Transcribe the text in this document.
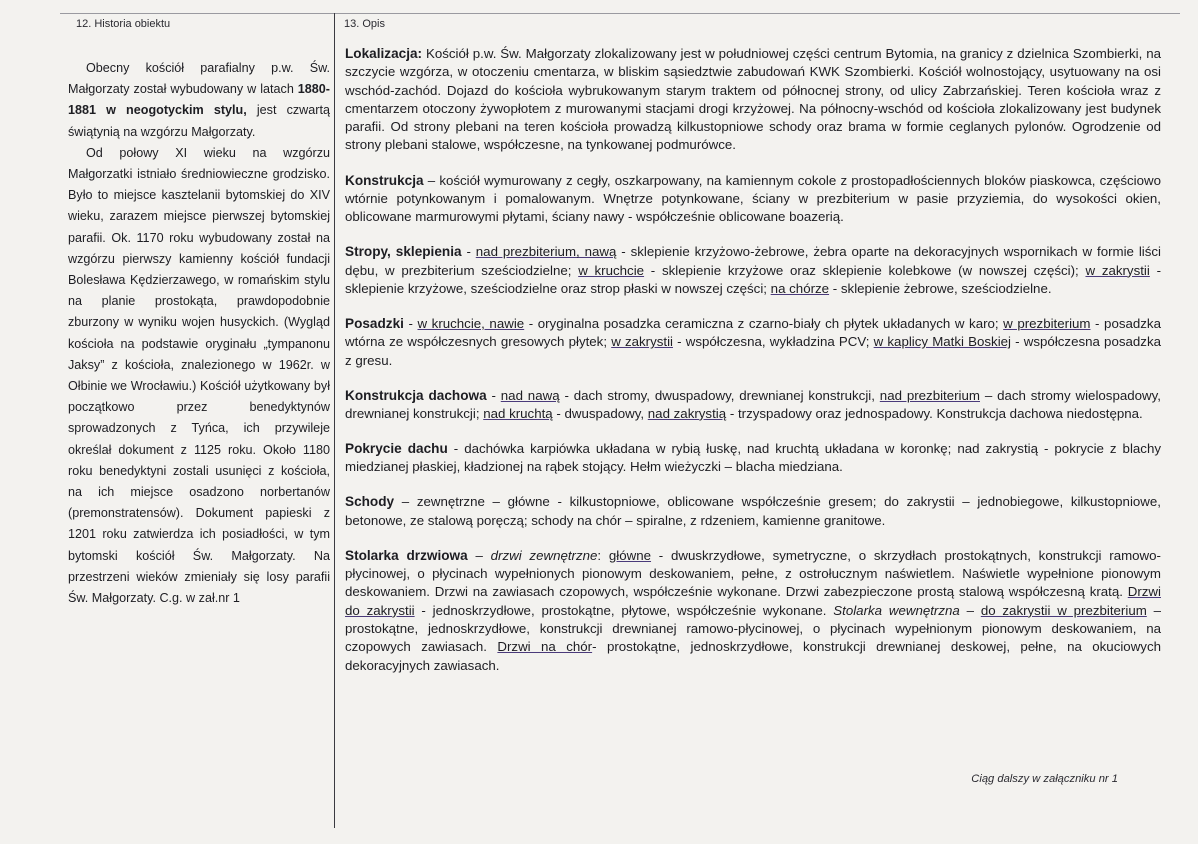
12. Historia obiektu	13. Opis

Obecny kościół parafialny p.w. Św. Małgorzaty został wybudowany w latach 1880-1881 w neogotyckim stylu, jest czwartą świątynią na wzgórzu Małgorzaty.

Od połowy XI wieku na wzgórzu Małgorzatki istniało średniowieczne grodzisko. Było to miejsce kasztelanii bytomskiej do XIV wieku, zarazem miejsce pierwszej bytomskiej parafii. Ok. 1170 roku wybudowany został na wzgórzu pierwszy kamienny kościół fundacji Bolesława Kędzierzawego, w romańskim stylu na planie prostokąta, prawdopodobnie zburzony w wyniku wojen husyckich. (Wygląd kościoła na podstawie oryginału „tympanonu Jaksy” z kościoła, znalezionego w 1962r. w Ołbinie we Wrocławiu.) Kościół użytkowany był początkowo przez benedyktynów sprowadzonych z Tyńca, ich przywileje określał dokument z 1125 roku. Około 1180 roku benedyktyni zostali usunięci z kościoła, na ich miejsce osadzono norbertanów (premonstratensów). Dokument papieski z 1201 roku zatwierdza ich posiadłości, w tym bytomski kościół Św. Małgorzaty. Na przestrzeni wieków zmieniały się losy parafii Św. Małgorzaty. C.g. w zał.nr 1

Lokalizacja: Kościół p.w. Św. Małgorzaty zlokalizowany jest w południowej części centrum Bytomia, na granicy z dzielnica Szombierki, na szczycie wzgórza, w otoczeniu cmentarza, w bliskim sąsiedztwie zabudowań KWK Szombierki. Kościół wolnostojący, usytuowany na osi wschód-zachód. Dojazd do kościoła wybrukowanym starym traktem od północnej strony, od ulicy Zabrzańskiej. Teren kościoła wraz z cmentarzem otoczony żywopłotem z murowanymi stacjami drogi krzyżowej. Na północny-wschód od kościoła zlokalizowany jest budynek parafii. Od strony plebani na teren kościoła prowadzą kilkustopniowe schody oraz brama w formie ceglanych pylonów. Ogrodzenie od strony plebani stalowe, współczesne, na tynkowanej podmurówce.

Konstrukcja – kościół wymurowany z cegły, oszkarpowany, na kamiennym cokole z prostopadłościennych bloków piaskowca, częściowo wtórnie potynkowanym i pomalowanym. Wnętrze potynkowane, ściany w prezbiterium w pasie przyziemia, do wysokości okien, oblicowane marmurowymi płytami, ściany nawy - współcześnie oblicowane boazerią.

Stropy, sklepienia - nad prezbiterium, nawą - sklepienie krzyżowo-żebrowe, żebra oparte na dekoracyjnych wspornikach w formie liści dębu, w prezbiterium sześciodzielne; w kruchcie - sklepienie krzyżowe oraz sklepienie kolebkowe (w nowszej części); w zakrystii - sklepienie krzyżowe, sześciodzielne oraz strop płaski w nowszej części; na chórze - sklepienie żebrowe, sześciodzielne.

Posadzki - w kruchcie, nawie - oryginalna posadzka ceramiczna z czarno-biały ch płytek układanych w karo; w prezbiterium - posadzka wtórna ze współczesnych gresowych płytek; w zakrystii - współczesna, wykładzina PCV; w kaplicy Matki Boskiej - współczesna posadzka z gresu.

Konstrukcja dachowa - nad nawą - dach stromy, dwuspadowy, drewnianej konstrukcji, nad prezbiterium – dach stromy wielospadowy, drewnianej konstrukcji; nad kruchtą - dwuspadowy, nad zakrystią - trzyspadowy oraz jednospadowy. Konstrukcja dachowa niedostępna.

Pokrycie dachu - dachówka karpiówka układana w rybią łuskę, nad kruchtą układana w koronkę; nad zakrystią - pokrycie z blachy miedzianej płaskiej, kładzionej na rąbek stojący. Hełm wieżyczki – blacha miedziana.

Schody – zewnętrzne – główne - kilkustopniowe, oblicowane współcześnie gresem; do zakrystii – jednobiegowe, kilkustopniowe, betonowe, ze stalową poręczą; schody na chór – spiralne, z rdzeniem, kamienne granitowe.

Stolarka drzwiowa – drzwi zewnętrzne: główne - dwuskrzydłowe, symetryczne, o skrzydłach prostokątnych, konstrukcji ramowo-płycinowej, o płycinach wypełnionych pionowym deskowaniem, pełne, z ostrołucznym naświetlem. Naświetle wypełnione pionowym deskowaniem. Drzwi na zawiasach czopowych, współcześnie wykonane. Drzwi zabezpieczone prostą stalową współczesną kratą. Drzwi do zakrystii - jednoskrzydłowe, prostokątne, płytowe, współcześnie wykonane. Stolarka wewnętrzna – do zakrystii w prezbiterium – prostokątne, jednoskrzydłowe, konstrukcji drewnianej ramowo-płycinowej, o płycinach wypełnionym pionowym deskowaniem, na czopowych zawiasach. Drzwi na chór- prostokątne, jednoskrzydłowe, konstrukcji drewnianej deskowej, pełne, na okuciowych dekoracyjnych zawiasach.

Ciąg dalszy w załączniku nr 1
